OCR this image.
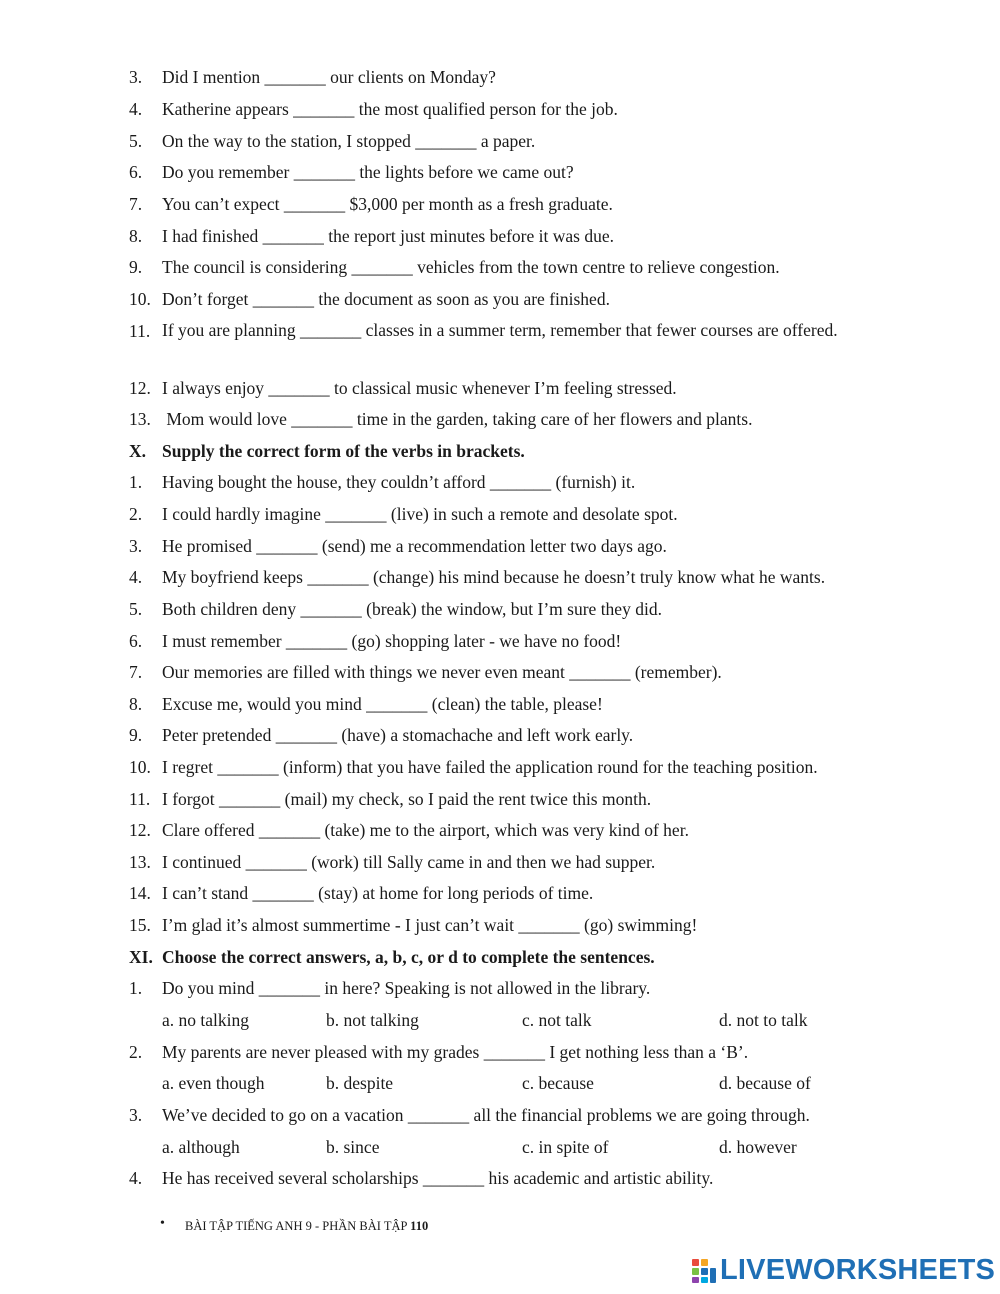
3. Did I mention _______ our clients on Monday?
4. Katherine appears _______ the most qualified person for the job.
5. On the way to the station, I stopped _______ a paper.
6. Do you remember _______ the lights before we came out?
7. You can’t expect _______ $3,000 per month as a fresh graduate.
8. I had finished _______ the report just minutes before it was due.
9. The council is considering _______ vehicles from the town centre to relieve congestion.
10. Don’t forget _______ the document as soon as you are finished.
11. If you are planning _______ classes in a summer term, remember that fewer courses are offered.
12. I always enjoy _______ to classical music whenever I’m feeling stressed.
13. Mom would love _______ time in the garden, taking care of her flowers and plants.
X. Supply the correct form of the verbs in brackets.
1. Having bought the house, they couldn’t afford _______ (furnish) it.
2. I could hardly imagine _______ (live) in such a remote and desolate spot.
3. He promised _______ (send) me a recommendation letter two days ago.
4. My boyfriend keeps _______ (change) his mind because he doesn’t truly know what he wants.
5. Both children deny _______ (break) the window, but I’m sure they did.
6. I must remember _______ (go) shopping later - we have no food!
7. Our memories are filled with things we never even meant _______ (remember).
8. Excuse me, would you mind _______ (clean) the table, please!
9. Peter pretended _______ (have) a stomachache and left work early.
10. I regret _______ (inform) that you have failed the application round for the teaching position.
11. I forgot _______ (mail) my check, so I paid the rent twice this month.
12. Clare offered _______ (take) me to the airport, which was very kind of her.
13. I continued _______ (work) till Sally came in and then we had supper.
14. I can’t stand _______ (stay) at home for long periods of time.
15. I’m glad it’s almost summertime - I just can’t wait _______ (go) swimming!
XI. Choose the correct answers, a, b, c, or d to complete the sentences.
1. Do you mind _______ in here? Speaking is not allowed in the library.
a. no talking	b. not talking	c. not talk	d. not to talk
2. My parents are never pleased with my grades _______ I get nothing less than a ‘B’.
a. even though	b. despite	c. because	d. because of
3. We’ve decided to go on a vacation _______ all the financial problems we are going through.
a. although	b. since	c. in spite of	d. however
4. He has received several scholarships _______ his academic and artistic ability.
• BÀI TẬP TIẾNG ANH 9 - PHẦN BÀI TẬP 110
LIVEWORKSHEETS
